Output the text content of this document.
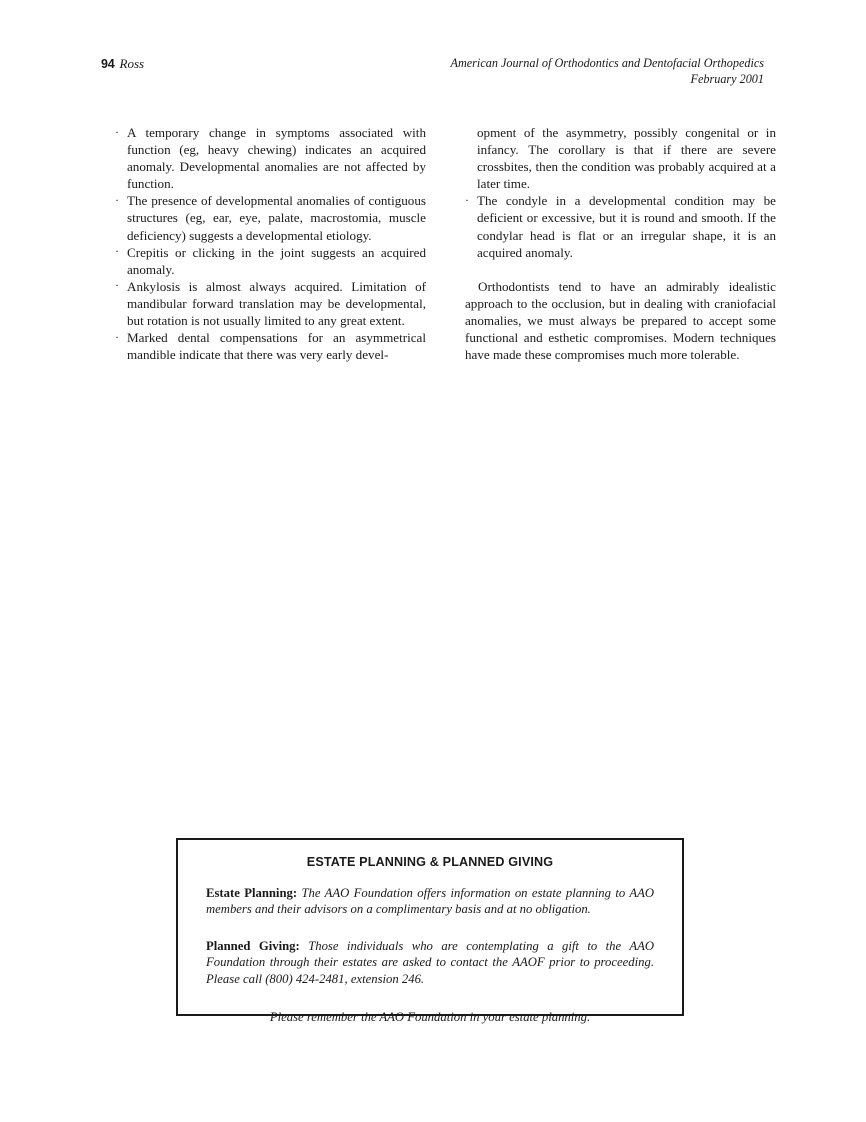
94 Ross	American Journal of Orthodontics and Dentofacial Orthopedics
February 2001
· A temporary change in symptoms associated with function (eg, heavy chewing) indicates an acquired anomaly. Developmental anomalies are not affected by function.
· The presence of developmental anomalies of contiguous structures (eg, ear, eye, palate, macrostomia, muscle deficiency) suggests a developmental etiology.
· Crepitis or clicking in the joint suggests an acquired anomaly.
· Ankylosis is almost always acquired. Limitation of mandibular forward translation may be developmental, but rotation is not usually limited to any great extent.
· Marked dental compensations for an asymmetrical mandible indicate that there was very early devel-
opment of the asymmetry, possibly congenital or in infancy. The corollary is that if there are severe crossbites, then the condition was probably acquired at a later time.
· The condyle in a developmental condition may be deficient or excessive, but it is round and smooth. If the condylar head is flat or an irregular shape, it is an acquired anomaly.

Orthodontists tend to have an admirably idealistic approach to the occlusion, but in dealing with craniofacial anomalies, we must always be prepared to accept some functional and esthetic compromises. Modern techniques have made these compromises much more tolerable.

ESTATE PLANNING & PLANNED GIVING

Estate Planning: The AAO Foundation offers information on estate planning to AAO members and their advisors on a complimentary basis and at no obligation.

Planned Giving: Those individuals who are contemplating a gift to the AAO Foundation through their estates are asked to contact the AAOF prior to proceeding. Please call (800) 424-2481, extension 246.

Please remember the AAO Foundation in your estate planning.
